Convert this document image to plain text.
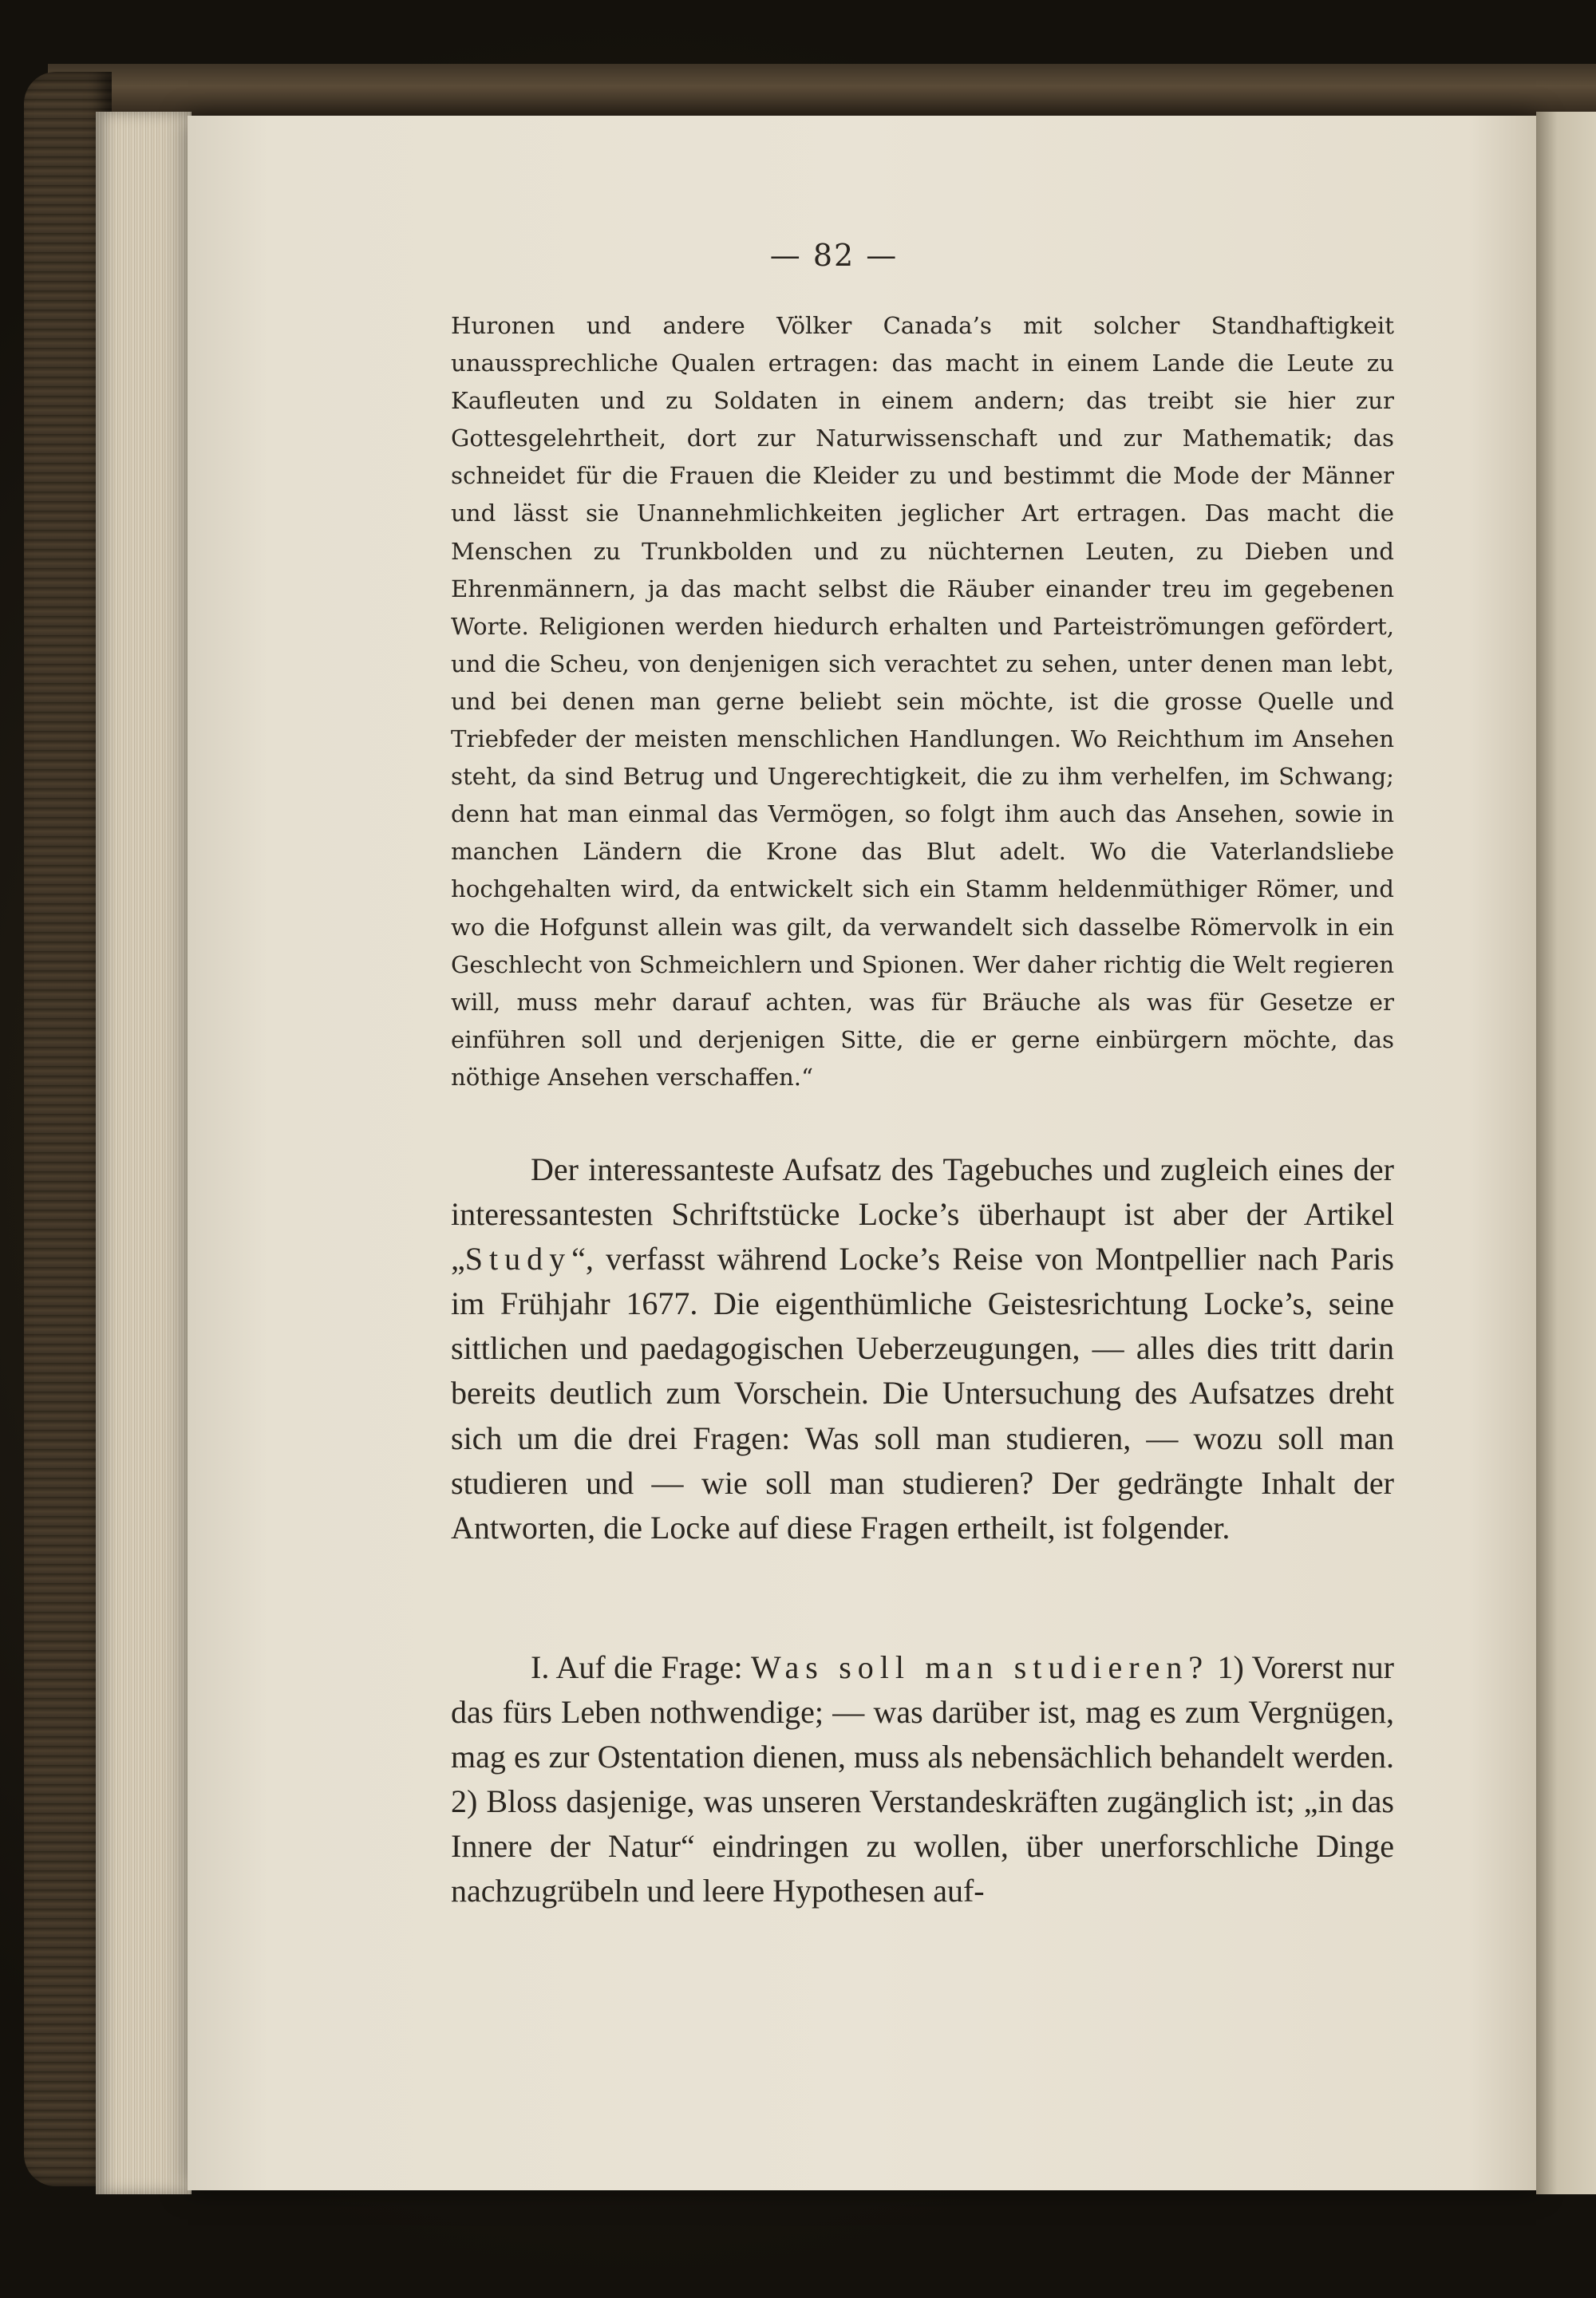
— 82 —

Huronen und andere Völker Canada’s mit solcher Standhaftigkeit unaussprechliche Qualen ertragen: das macht in einem Lande die Leute zu Kaufleuten und zu Soldaten in einem andern; das treibt sie hier zur Gottesgelehrtheit, dort zur Naturwissenschaft und zur Mathematik; das schneidet für die Frauen die Kleider zu und bestimmt die Mode der Männer und lässt sie Unannehmlichkeiten jeglicher Art ertragen. Das macht die Menschen zu Trunkbolden und zu nüchternen Leuten, zu Dieben und Ehrenmännern, ja das macht selbst die Räuber einander treu im gegebenen Worte. Religionen werden hiedurch erhalten und Parteiströmungen gefördert, und die Scheu, von denjenigen sich verachtet zu sehen, unter denen man lebt, und bei denen man gerne beliebt sein möchte, ist die grosse Quelle und Triebfeder der meisten menschlichen Handlungen. Wo Reichthum im Ansehen steht, da sind Betrug und Ungerechtigkeit, die zu ihm verhelfen, im Schwang; denn hat man einmal das Vermögen, so folgt ihm auch das Ansehen, sowie in manchen Ländern die Krone das Blut adelt. Wo die Vaterlandsliebe hochgehalten wird, da entwickelt sich ein Stamm heldenmüthiger Römer, und wo die Hofgunst allein was gilt, da verwandelt sich dasselbe Römervolk in ein Geschlecht von Schmeichlern und Spionen. Wer daher richtig die Welt regieren will, muss mehr darauf achten, was für Bräuche als was für Gesetze er einführen soll und derjenigen Sitte, die er gerne einbürgern möchte, das nöthige Ansehen verschaffen.“

Der interessanteste Aufsatz des Tagebuches und zugleich eines der interessantesten Schriftstücke Locke’s überhaupt ist aber der Artikel „Study“, verfasst während Locke’s Reise von Montpellier nach Paris im Frühjahr 1677. Die eigenthümliche Geistesrichtung Locke’s, seine sittlichen und paedagogischen Ueberzeugungen, — alles dies tritt darin bereits deutlich zum Vorschein. Die Untersuchung des Aufsatzes dreht sich um die drei Fragen: Was soll man studieren, — wozu soll man studieren und — wie soll man studieren? Der gedrängte Inhalt der Antworten, die Locke auf diese Fragen ertheilt, ist folgender.

I. Auf die Frage: Was soll man studieren? 1) Vorerst nur das fürs Leben nothwendige; — was darüber ist, mag es zum Vergnügen, mag es zur Ostentation dienen, muss als nebensächlich behandelt werden. 2) Bloss dasjenige, was unseren Verstandeskräften zugänglich ist; „in das Innere der Natur“ eindringen zu wollen, über unerforschliche Dinge nachzugrübeln und leere Hypothesen auf-
